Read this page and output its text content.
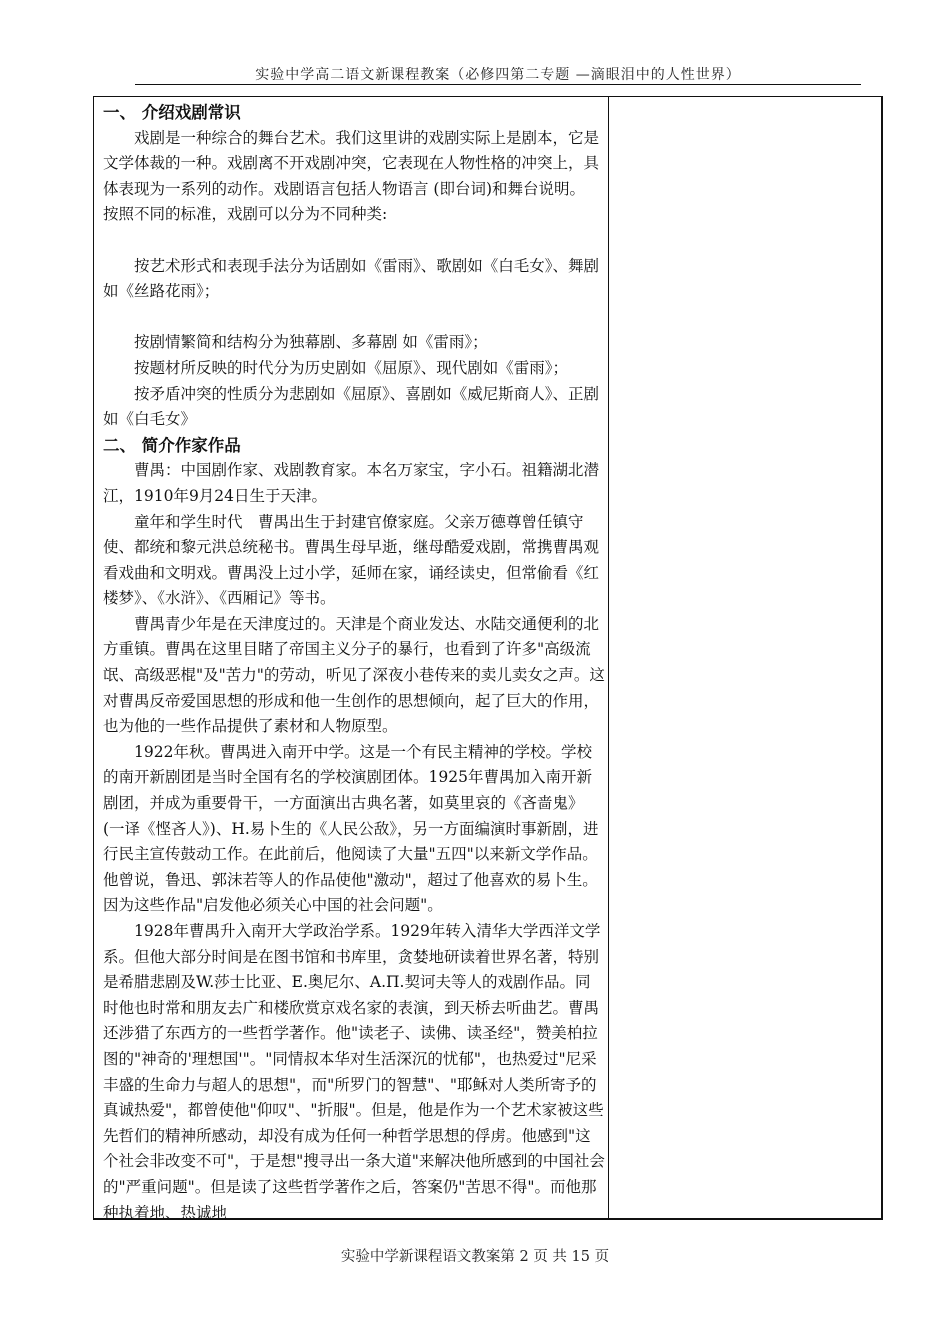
实验中学高二语文新课程教案（必修四第二专题 —滴眼泪中的人性世界）

一、 介绍戏剧常识

戏剧是一种综合的舞台艺术。我们这里讲的戏剧实际上是剧本，它是文学体裁的一种。戏剧离不开戏剧冲突，它表现在人物性格的冲突上，具体表现为一系列的动作。戏剧语言包括人物语言 (即台词)和舞台说明。

按照不同的标准，戏剧可以分为不同种类:

按艺术形式和表现手法分为话剧如《雷雨》、歌剧如《白毛女》、舞剧如《丝路花雨》；

按剧情繁简和结构分为独幕剧、多幕剧 如《雷雨》；

按题材所反映的时代分为历史剧如《屈原》、现代剧如《雷雨》；

按矛盾冲突的性质分为悲剧如《屈原》、喜剧如《威尼斯商人》、正剧如《白毛女》

二、 简介作家作品

曹禺：中国剧作家、戏剧教育家。本名万家宝，字小石。祖籍湖北潜江，1910年9月24日生于天津。

童年和学生时代　曹禺出生于封建官僚家庭。父亲万德尊曾任镇守使、都统和黎元洪总统秘书。曹禺生母早逝，继母酷爱戏剧，常携曹禺观看戏曲和文明戏。曹禺没上过小学，延师在家，诵经读史，但常偷看《红楼梦》、《水浒》、《西厢记》等书。

曹禺青少年是在天津度过的。天津是个商业发达、水陆交通便利的北方重镇。曹禺在这里目睹了帝国主义分子的暴行，也看到了许多"高级流氓、高级恶棍"及"苦力"的劳动，听见了深夜小巷传来的卖儿卖女之声。这对曹禺反帝爱国思想的形成和他一生创作的思想倾向，起了巨大的作用，也为他的一些作品提供了素材和人物原型。

1922年秋。曹禺进入南开中学。这是一个有民主精神的学校。学校的南开新剧团是当时全国有名的学校演剧团体。1925年曹禺加入南开新剧团，并成为重要骨干，一方面演出古典名著，如莫里哀的《吝啬鬼》(一译《悭吝人》)、H.易卜生的《人民公敌》，另一方面编演时事新剧，进行民主宣传鼓动工作。在此前后，他阅读了大量"五四"以来新文学作品。他曾说，鲁迅、郭沫若等人的作品使他"激动"，超过了他喜欢的易卜生。因为这些作品"启发他必须关心中国的社会问题"。

1928年曹禺升入南开大学政治学系。1929年转入清华大学西洋文学系。但他大部分时间是在图书馆和书库里，贪婪地研读着世界名著，特别是希腊悲剧及W.莎士比亚、E.奥尼尔、A.П.契诃夫等人的戏剧作品。同时他也时常和朋友去广和楼欣赏京戏名家的表演，到天桥去听曲艺。曹禺还涉猎了东西方的一些哲学著作。他"读老子、读佛、读圣经"，赞美柏拉图的"神奇的'理想国'"。"同情叔本华对生活深沉的忧郁"，也热爱过"尼采丰盛的生命力与超人的思想"，而"所罗门的智慧"、"耶稣对人类所寄予的真诚热爱"，都曾使他"仰叹"、"折服"。但是，他是作为一个艺术家被这些先哲们的精神所感动，却没有成为任何一种哲学思想的俘虏。他感到"这个社会非改变不可"，于是想"搜寻出一条大道"来解决他所感到的中国社会的"严重问题"。但是读了这些哲学著作之后，答案仍"苦思不得"。而他那种执着地、热诚地

实验中学新课程语文教案第 2 页 共 15 页
